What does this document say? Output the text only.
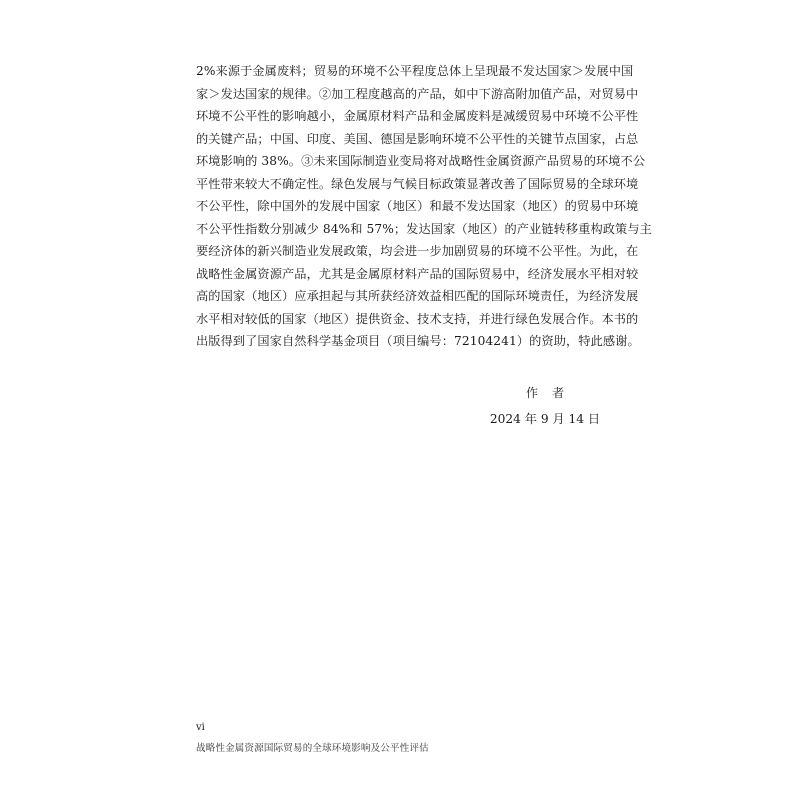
2%来源于金属废料；贸易的环境不公平程度总体上呈现最不发达国家＞发展中国
家＞发达国家的规律。②加工程度越高的产品，如中下游高附加值产品，对贸易中
环境不公平性的影响越小，金属原材料产品和金属废料是减缓贸易中环境不公平性
的关键产品；中国、印度、美国、德国是影响环境不公平性的关键节点国家，占总
环境影响的 38%。③未来国际制造业变局将对战略性金属资源产品贸易的环境不公
平性带来较大不确定性。绿色发展与气候目标政策显著改善了国际贸易的全球环境
不公平性，除中国外的发展中国家（地区）和最不发达国家（地区）的贸易中环境
不公平性指数分别减少 84%和 57%；发达国家（地区）的产业链转移重构政策与主
要经济体的新兴制造业发展政策，均会进一步加剧贸易的环境不公平性。为此，在
战略性金属资源产品，尤其是金属原材料产品的国际贸易中，经济发展水平相对较
高的国家（地区）应承担起与其所获经济效益相匹配的国际环境责任，为经济发展
水平相对较低的国家（地区）提供资金、技术支持，并进行绿色发展合作。本书的
出版得到了国家自然科学基金项目（项目编号：72104241）的资助，特此感谢。
作者
2024 年 9 月 14 日
vi
战略性金属资源国际贸易的全球环境影响及公平性评估
